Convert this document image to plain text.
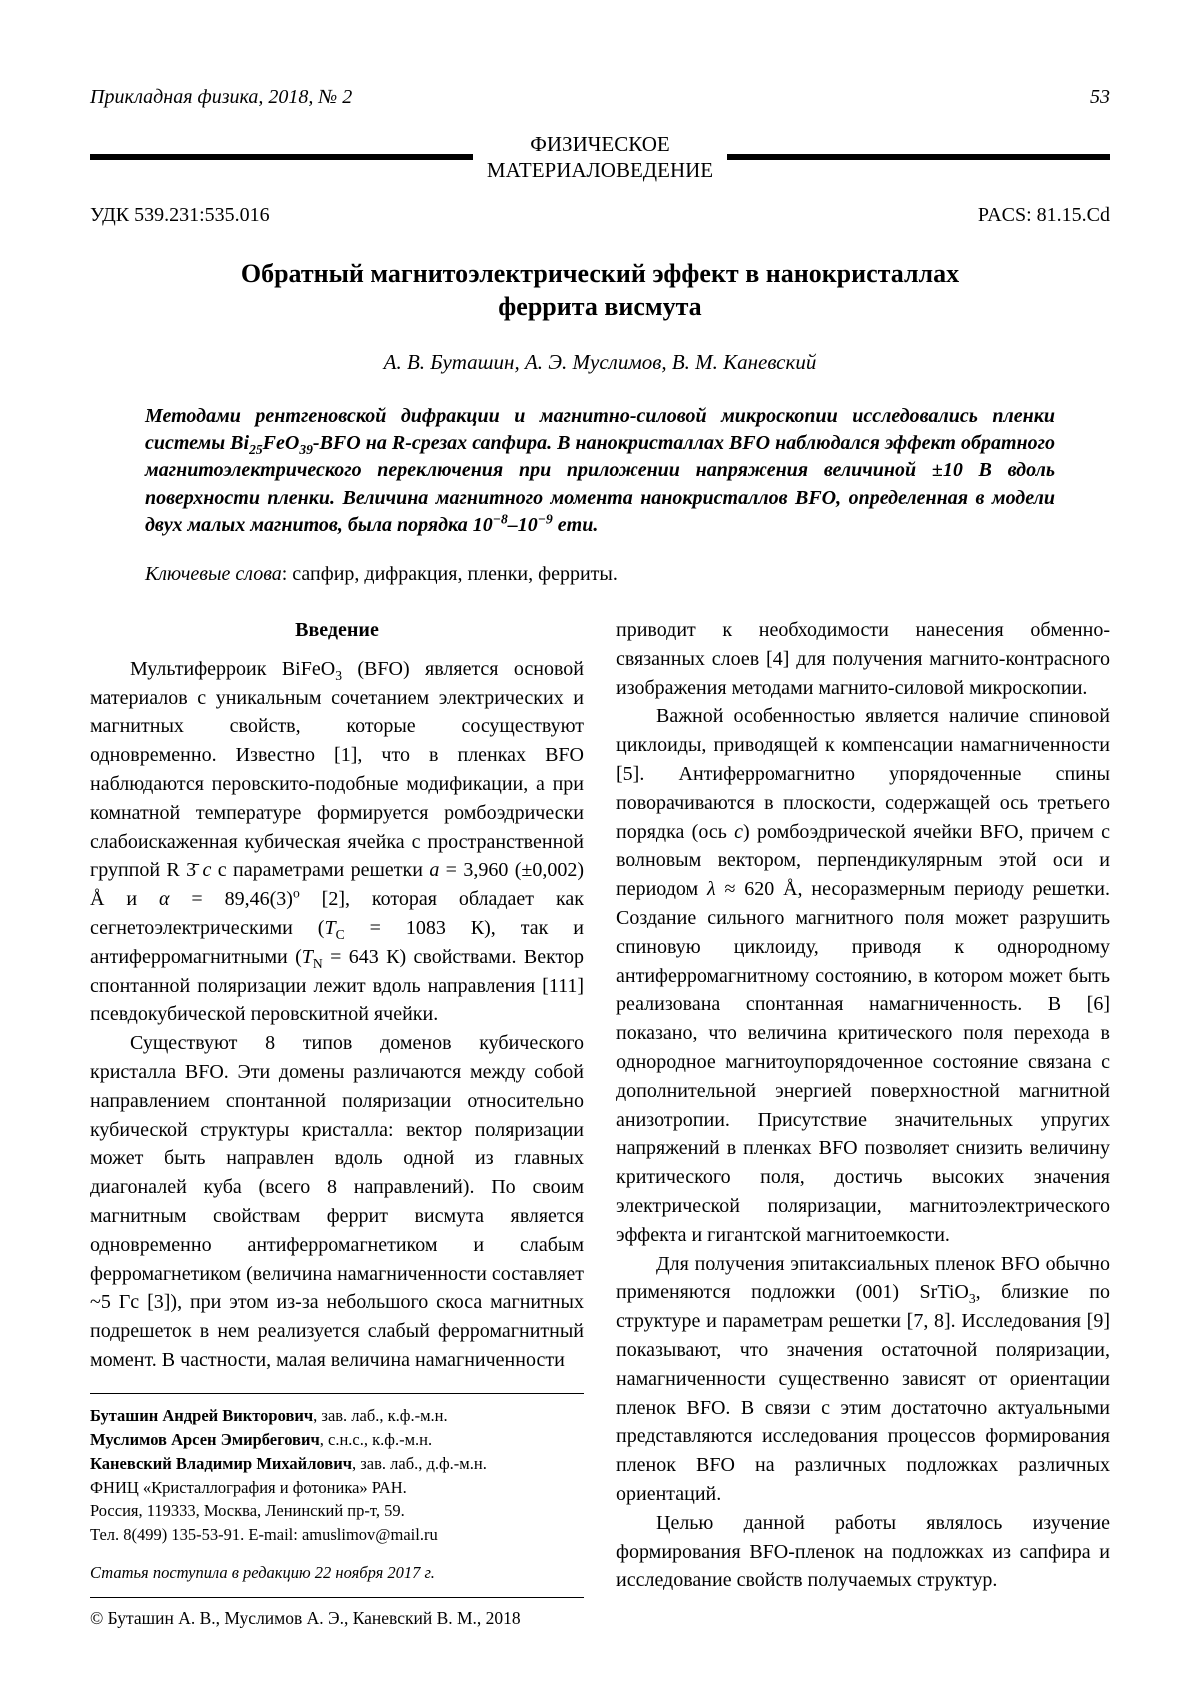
Прикладная физика, 2018, № 2	53
ФИЗИЧЕСКОЕ
МАТЕРИАЛОВЕДЕНИЕ
УДК 539.231:535.016	PACS: 81.15.Cd
Обратный магнитоэлектрический эффект в нанокристаллах феррита висмута
А. В. Буташин, А. Э. Муслимов, В. М. Каневский
Методами рентгеновской дифракции и магнитно-силовой микроскопии исследовались пленки системы $Bi_{25}FeO_{39}$-BFO на R-срезах сапфира. В нанокристаллах BFO наблюдался эффект обратного магнитоэлектрического переключения при приложении напряжения величиной ±10 В вдоль поверхности пленки. Величина магнитного момента нанокристаллов BFO, определенная в модели двух малых магнитов, была порядка $10^{-8}-10^{-9}$ emu.
Ключевые слова: сапфир, дифракция, пленки, ферриты.
Введение

Мультиферроик BiFeO$_3$ (BFO) является основой материалов с уникальным сочетанием электрических и магнитных свойств, которые сосуществуют одновременно. Известно [1], что в пленках BFO наблюдаются перовскито-подобные модификации, а при комнатной температуре формируется ромбоэдрически слабоискаженная кубическая ячейка с пространственной группой R 3̄ c с параметрами решетки a = 3,960 (±0,002) Å и $\alpha = 89,46(3)^о$ [2], которая обладает как сегнетоэлектрическими ($T_C = 1083$ К), так и антиферромагнитными ($T_N = 643$ К) свойствами. Вектор спонтанной поляризации лежит вдоль направления [111] псевдокубической перовскитной ячейки.

Существуют 8 типов доменов кубического кристалла BFO. Эти домены различаются между собой направлением спонтанной поляризации относительно кубической структуры кристалла: вектор поляризации может быть направлен вдоль одной из главных диагоналей куба (всего 8 направлений). По своим магнитным свойствам феррит висмута является одновременно антиферромагнетиком и слабым ферромагнетиком (величина намагниченности составляет ~5 Гс [3]), при этом из-за небольшого скоса магнитных подрешеток в нем реализуется слабый ферромагнитный момент. В частности, малая величина намагниченности

Буташин Андрей Викторович, зав. лаб., к.ф.-м.н.

Муслимов Арсен Эмирбегович, с.н.с., к.ф.-м.н.

Каневский Владимир Михайлович, зав. лаб., д.ф.-м.н.

ФНИЦ «Кристаллография и фотоника» РАН.

Россия, 119333, Москва, Ленинский пр-т, 59.

Тел. 8(499) 135-53-91. E-mail: amuslimov@mail.ru

Статья поступила в редакцию 22 ноября 2017 г.

© Буташин А. В., Муслимов А. Э., Каневский В. М., 2018

приводит к необходимости нанесения обменно-связанных слоев [4] для получения магнито-контрасного изображения методами магнито-силовой микроскопии.

Важной особенностью является наличие спиновой циклоиды, приводящей к компенсации намагниченности [5]. Антиферромагнитно упорядоченные спины поворачиваются в плоскости, содержащей ось третьего порядка (ось c) ромбоэдрической ячейки BFO, причем с волновым вектором, перпендикулярным этой оси и периодом λ ≈ 620 Å, несоразмерным периоду решетки. Создание сильного магнитного поля может разрушить спиновую циклоиду, приводя к однородному антиферромагнитному состоянию, в котором может быть реализована спонтанная намагниченность. В [6] показано, что величина критического поля перехода в однородное магнитоупорядоченное состояние связана с дополнительной энергией поверхностной магнитной анизотропии. Присутствие значительных упругих напряжений в пленках BFO позволяет снизить величину критического поля, достичь высоких значения электрической поляризации, магнитоэлектрического эффекта и гигантской магнитоемкости.

Для получения эпитаксиальных пленок BFO обычно применяются подложки (001) SrTiO$_3$, близкие по структуре и параметрам решетки [7, 8]. Исследования [9] показывают, что значения остаточной поляризации, намагниченности существенно зависят от ориентации пленок BFO. В связи с этим достаточно актуальными представляются исследования процессов формирования пленок BFO на различных подложках различных ориентаций.

Целью данной работы являлось изучение формирования BFO-пленок на подложках из сапфира и исследование свойств получаемых структур.
